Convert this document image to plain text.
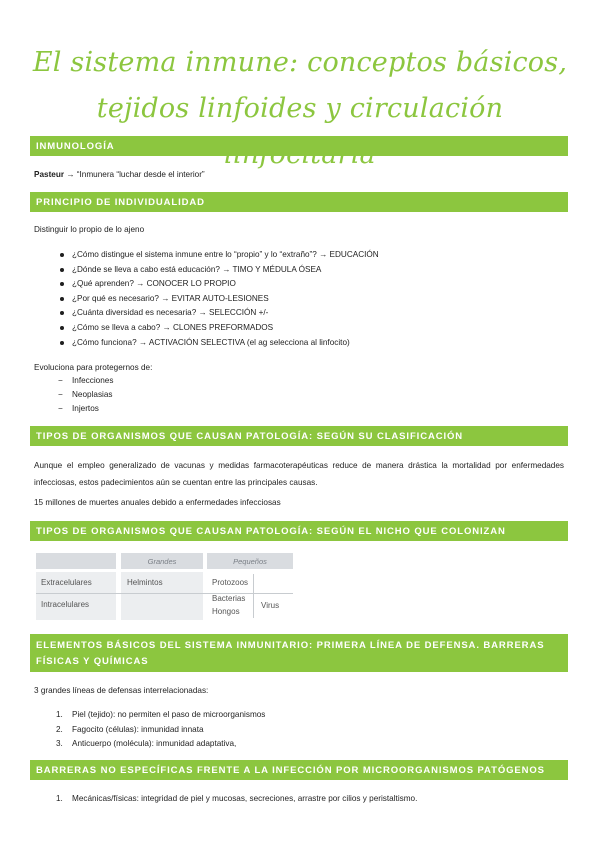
El sistema inmune: conceptos básicos, tejidos linfoides y circulación
INMUNOLOGÍA
Pasteur → “Inmunera “luchar desde el interior”
PRINCIPIO DE INDIVIDUALIDAD
Distinguir lo propio de lo ajeno
¿Cómo distingue el sistema inmune entre lo “propio” y lo “extraño”? → EDUCACIÓN
¿Dónde se lleva a cabo está educación? → TIMO Y MÉDULA ÓSEA
¿Qué aprenden? → CONOCER LO PROPIO
¿Por qué es necesario? → EVITAR AUTO-LESIONES
¿Cuánta diversidad es necesaria? → SELECCIÓN +/-
¿Cómo se lleva a cabo? → CLONES PREFORMADOS
¿Cómo funciona? → ACTIVACIÓN SELECTIVA (el ag selecciona al linfocito)
Evoluciona para protegernos de:
− Infecciones
− Neoplasias
− Injertos
TIPOS DE ORGANISMOS QUE CAUSAN PATOLOGÍA: SEGÚN SU CLASIFICACIÓN
Aunque el empleo generalizado de vacunas y medidas farmacoterapéuticas reduce de manera drástica la mortalidad por enfermedades infecciosas, estos padecimientos aún se cuentan entre las principales causas.
15 millones de muertes anuales debido a enfermedades infecciosas
TIPOS DE ORGANISMOS QUE CAUSAN PATOLOGÍA: SEGÚN EL NICHO QUE COLONIZAN
Grandes	Pequeños
Extracelulares
Intracelulares
Helmintos	Protozoos
Bacterias
Hongos
Virus
ELEMENTOS BÁSICOS DEL SISTEMA INMUNITARIO: PRIMERA LÍNEA DE DEFENSA. BARRERAS FÍSICAS Y QUÍMICAS
3 grandes líneas de defensas interrelacionadas:
1. Piel (tejido): no permiten el paso de microorganismos
2. Fagocito (células): inmunidad innata
3. Anticuerpo (molécula): inmunidad adaptativa,
BARRERAS NO ESPECÍFICAS FRENTE A LA INFECCIÓN POR MICROORGANISMOS PATÓGENOS
1. Mecánicas/físicas: integridad de piel y mucosas, secreciones, arrastre por cilios y peristaltismo.
